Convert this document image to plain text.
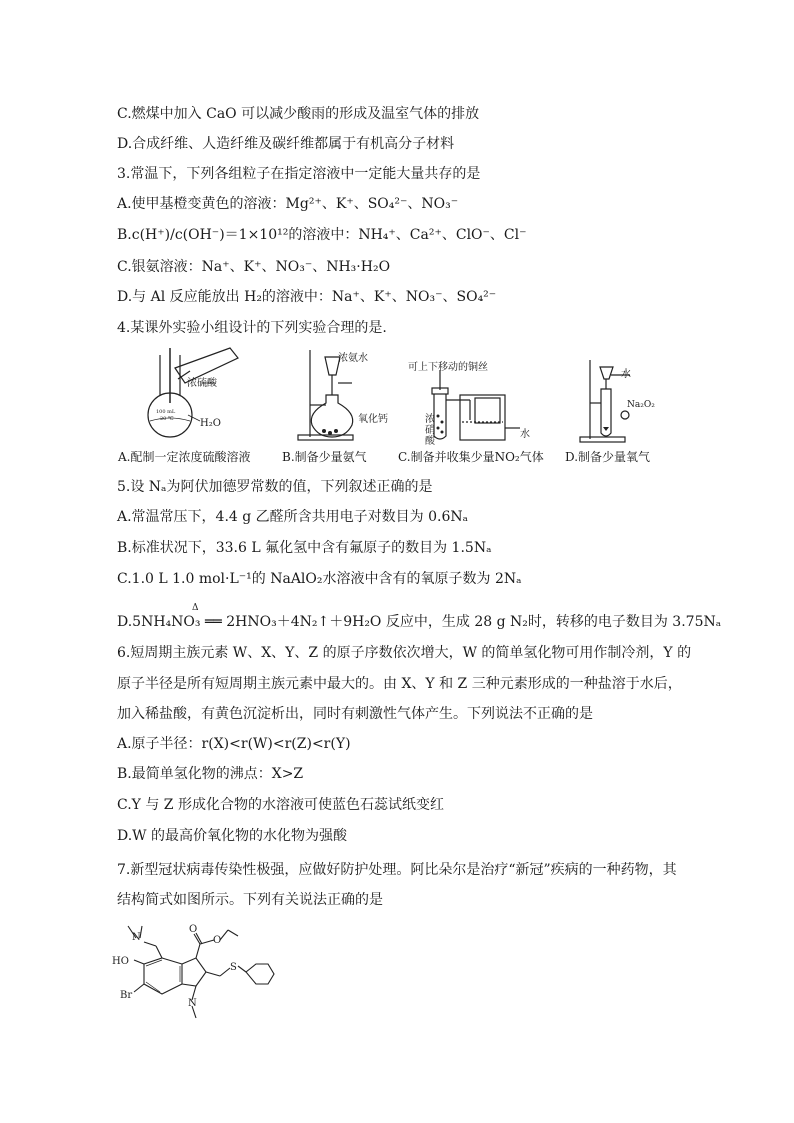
C.燃煤中加入 CaO 可以减少酸雨的形成及温室气体的排放
D.合成纤维、人造纤维及碳纤维都属于有机高分子材料
3.常温下，下列各组粒子在指定溶液中一定能大量共存的是
A.使甲基橙变黄色的溶液：Mg²⁺、K⁺、SO₄²⁻、NO₃⁻
B.c(H⁺)/c(OH⁻)＝1×10¹²的溶液中：NH₄⁺、Ca²⁺、ClO⁻、Cl⁻
C.银氨溶液：Na⁺、K⁺、NO₃⁻、NH₃·H₂O
D.与 Al 反应能放出 H₂的溶液中：Na⁺、K⁺、NO₃⁻、SO₄²⁻
4.某课外实验小组设计的下列实验合理的是.
100 mL
20 ℃
浓硫酸
H₂O
A.配制一定浓度硫酸溶液
浓氨水
氧化钙
B.制备少量氨气
可上下移动的铜丝
浓
硝
酸
水
C.制备并收集少量NO₂气体
水
Na₂O₂
D.制备少量氧气
5.设 Nₐ为阿伏加德罗常数的值，下列叙述正确的是
A.常温常压下，4.4 g 乙醛所含共用电子对数目为 0.6Nₐ
B.标准状况下，33.6 L 氟化氢中含有氟原子的数目为 1.5Nₐ
C.1.0 L 1.0 mol·L⁻¹的 NaAlO₂水溶液中含有的氧原子数为 2Nₐ
Δ
D.5NH₄NO₃ ══ 2HNO₃＋4N₂↑＋9H₂O 反应中，生成 28 g N₂时，转移的电子数目为 3.75Nₐ
6.短周期主族元素 W、X、Y、Z 的原子序数依次增大，W 的简单氢化物可用作制冷剂，Y 的
原子半径是所有短周期主族元素中最大的。由 X、Y 和 Z 三种元素形成的一种盐溶于水后，
加入稀盐酸，有黄色沉淀析出，同时有刺激性气体产生。下列说法不正确的是
A.原子半径：r(X)<r(W)<r(Z)<r(Y)
B.最简单氢化物的沸点：X>Z
C.Y 与 Z 形成化合物的水溶液可使蓝色石蕊试纸变红
D.W 的最高价氧化物的水化物为强酸
7.新型冠状病毒传染性极强，应做好防护处理。阿比朵尔是治疗“新冠”疾病的一种药物，其
结构简式如图所示。下列有关说法正确的是
N
HO
Br
N
O
O
S
